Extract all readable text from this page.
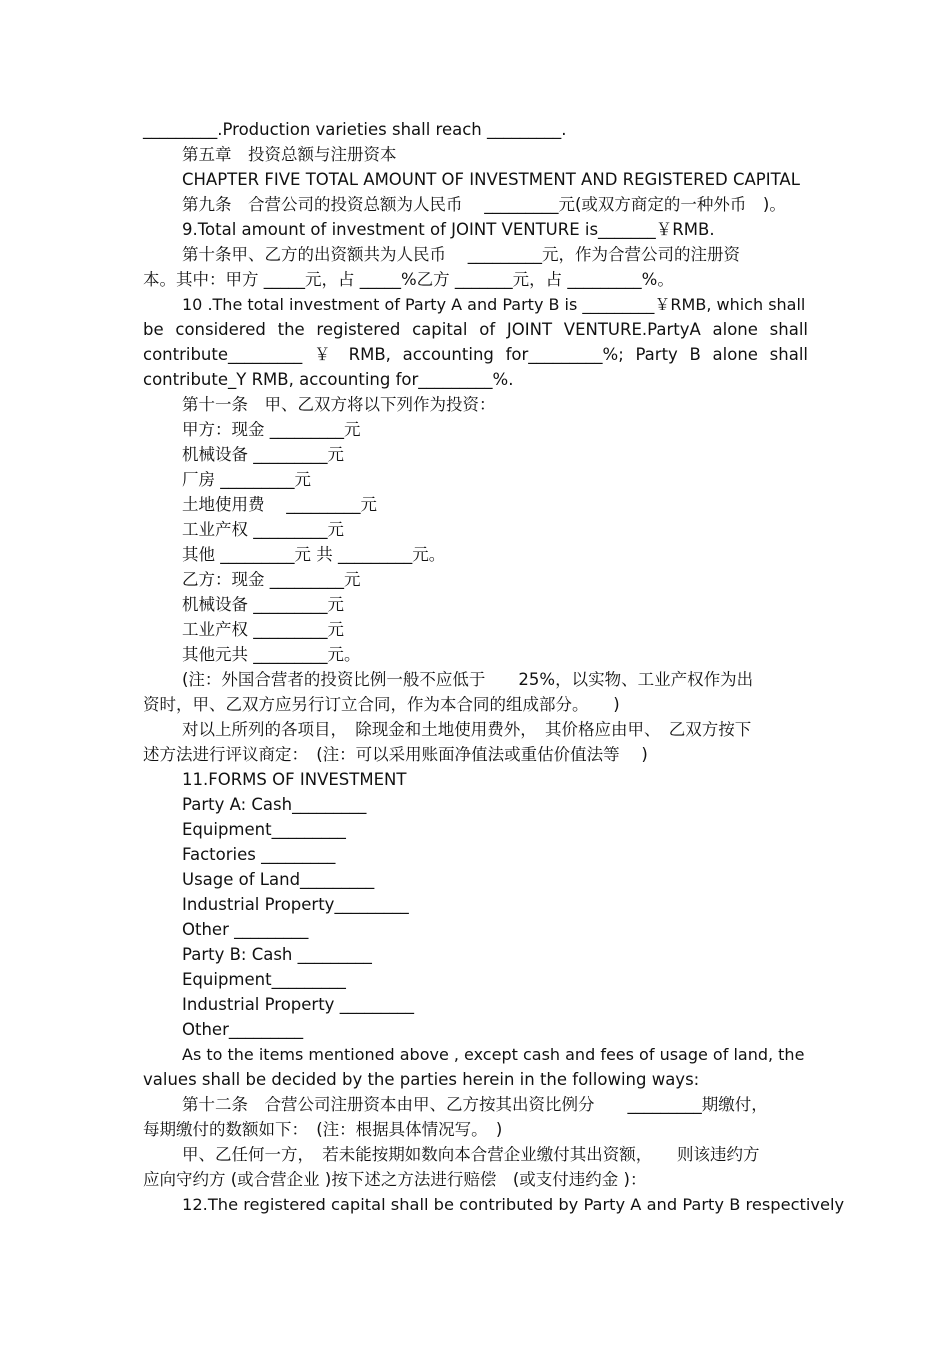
_________.Production varieties shall reach _________.
第五章　投资总额与注册资本
CHAPTER FIVE TOTAL AMOUNT OF INVESTMENT AND REGISTERED CAPITAL
第九条　合营公司的投资总额为人民币　 _________元(或双方商定的一种外币　)。
9.Total amount of investment of JOINT VENTURE is_______￥RMB.
第十条甲、乙方的出资额共为人民币　 _________元，作为合营公司的注册资
本。其中：甲方 _____元，占 _____%乙方 _______元，占 _________%。
10 .The total investment of Party A and Party B is _________￥RMB, which shall
be considered the registered capital of JOINT VENTURE.PartyA alone shall
contribute_________ ￥ RMB, accounting for_________%; Party B alone shall
contribute_Y RMB, accounting for_________%.
第十一条　甲、乙双方将以下列作为投资：
甲方：现金 _________元
机械设备 _________元
厂房 _________元
土地使用费　 _________元
工业产权 _________元
其他 _________元 共 _________元。
乙方：现金 _________元
机械设备 _________元
工业产权 _________元
其他元共 _________元。
(注：外国合营者的投资比例一般不应低于　　25%，以实物、工业产权作为出
资时，甲、乙双方应另行订立合同，作为本合同的组成部分。　　)
对以上所列的各项目，　除现金和土地使用费外，　其价格应由甲、　乙双方按下
述方法进行评议商定：　(注：可以采用账面净值法或重估价值法等　 )
11.FORMS OF INVESTMENT
Party A: Cash_________
Equipment_________
Factories _________
Usage of Land_________
Industrial Property_________
Other _________
Party B: Cash _________
Equipment_________
Industrial Property _________
Other_________
As to the items mentioned above , except cash and fees of usage of land, the
values shall be decided by the parties herein in the following ways:
第十二条　合营公司注册资本由甲、乙方按其出资比例分　　_________期缴付，
每期缴付的数额如下：　(注：根据具体情况写。　)
甲、乙任何一方，　若未能按期如数向本合营企业缴付其出资额，　　则该违约方
应向守约方 (或合营企业 )按下述之方法进行赔偿　(或支付违约金 )：
12.The registered capital shall be contributed by Party A and Party B respectively
